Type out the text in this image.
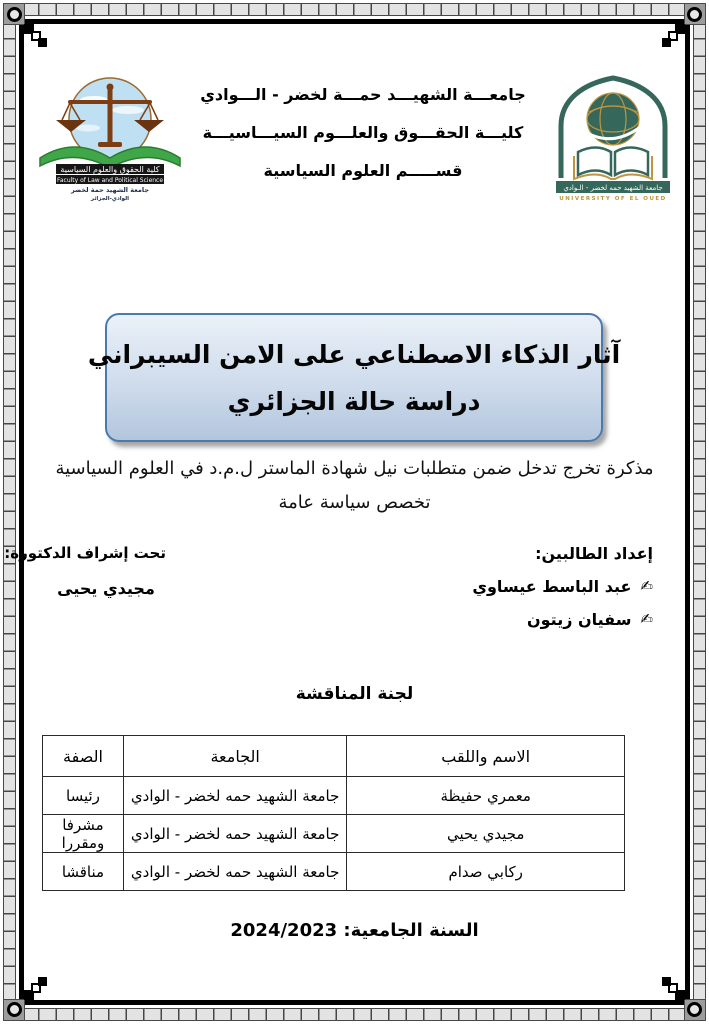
كلية الحقوق والعلوم السياسية
Faculty of Law and Political Science
جامعة الشهيد حمة لخضر
الوادي-الجزائر
جامعة الشهيد حمه لخضر - الـوادي
UNIVERSITY OF EL OUED
جامعـــة الشهيـــد حمـــة لخضر - الـــوادي
كليـــة الحقـــوق والعلـــوم السيـــاسيـــة
قســـــم العلوم السياسية
آثار الذكاء الاصطناعي على الامن السيبراني
دراسة حالة الجزائري
مذكرة تخرج تدخل ضمن متطلبات نيل شهادة الماستر ل.م.د في العلوم السياسية
تخصص سياسة عامة
إعداد الطالبين:
✍
عبد الباسط عيساوي
✍
سفيان زيتون
تحت إشراف الدكتورة:
مجيدي يحيى
لجنة المناقشة
الاسم واللقب	الجامعة	الصفة
معمري حفيظة	جامعة الشهيد حمه لخضر - الوادي	رئيسا
مجيدي يحيي	جامعة الشهيد حمه لخضر - الوادي	مشرفا ومقررا
ركابي صدام	جامعة الشهيد حمه لخضر - الوادي	مناقشا
السنة الجامعية: 2024/2023
